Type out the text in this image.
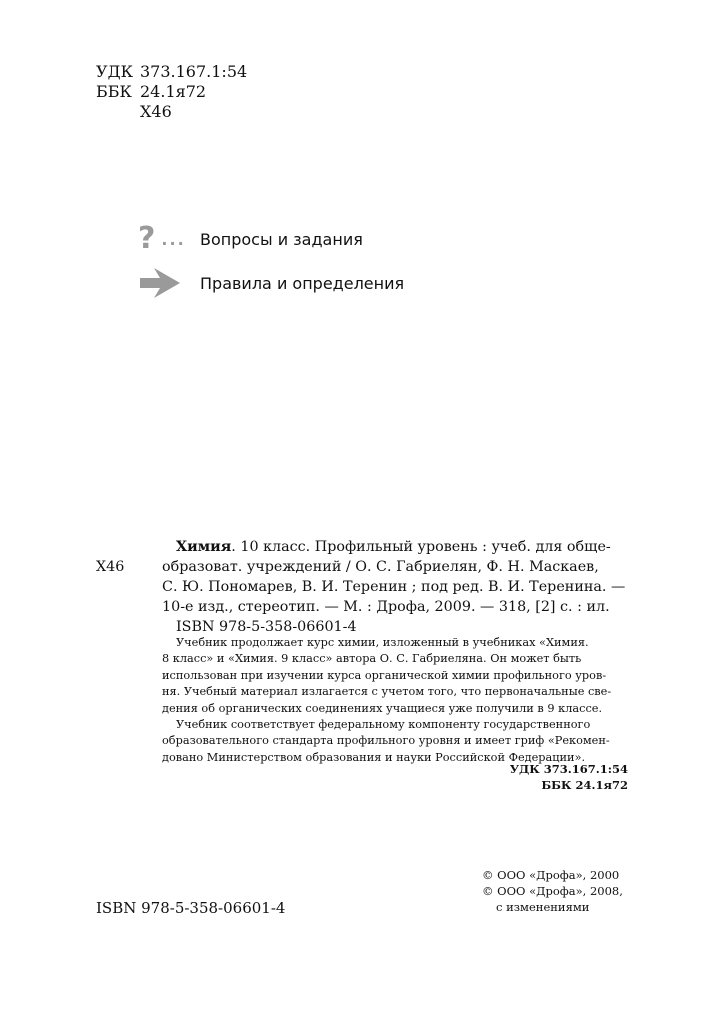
УДК 373.167.1:54
ББК 24.1я72
Х46
? ... Вопросы и задания
Правила и определения
Х46

Химия. 10 класс. Профильный уровень : учеб. для обще-

образоват. учреждений / О. С. Габриелян, Ф. Н. Маскаев,

С. Ю. Пономарев, В. И. Теренин ; под ред. В. И. Теренина. —

10-е изд., стереотип. — М. : Дрофа, 2009. — 318, [2] с. : ил.

ISBN 978-5-358-06601-4

Учебник продолжает курс химии, изложенный в учебниках «Химия.

8 класс» и «Химия. 9 класс» автора О. С. Габриеляна. Он может быть

использован при изучении курса органической химии профильного уров-

ня. Учебный материал излагается с учетом того, что первоначальные све-

дения об органических соединениях учащиеся уже получили в 9 классе.

Учебник соответствует федеральному компоненту государственного

образовательного стандарта профильного уровня и имеет гриф «Рекомен-

довано Министерством образования и науки Российской Федерации».

УДК 373.167.1:54
ББК 24.1я72
© ООО «Дрофа», 2000
© ООО «Дрофа», 2008,
с изменениями
ISBN 978-5-358-06601-4
